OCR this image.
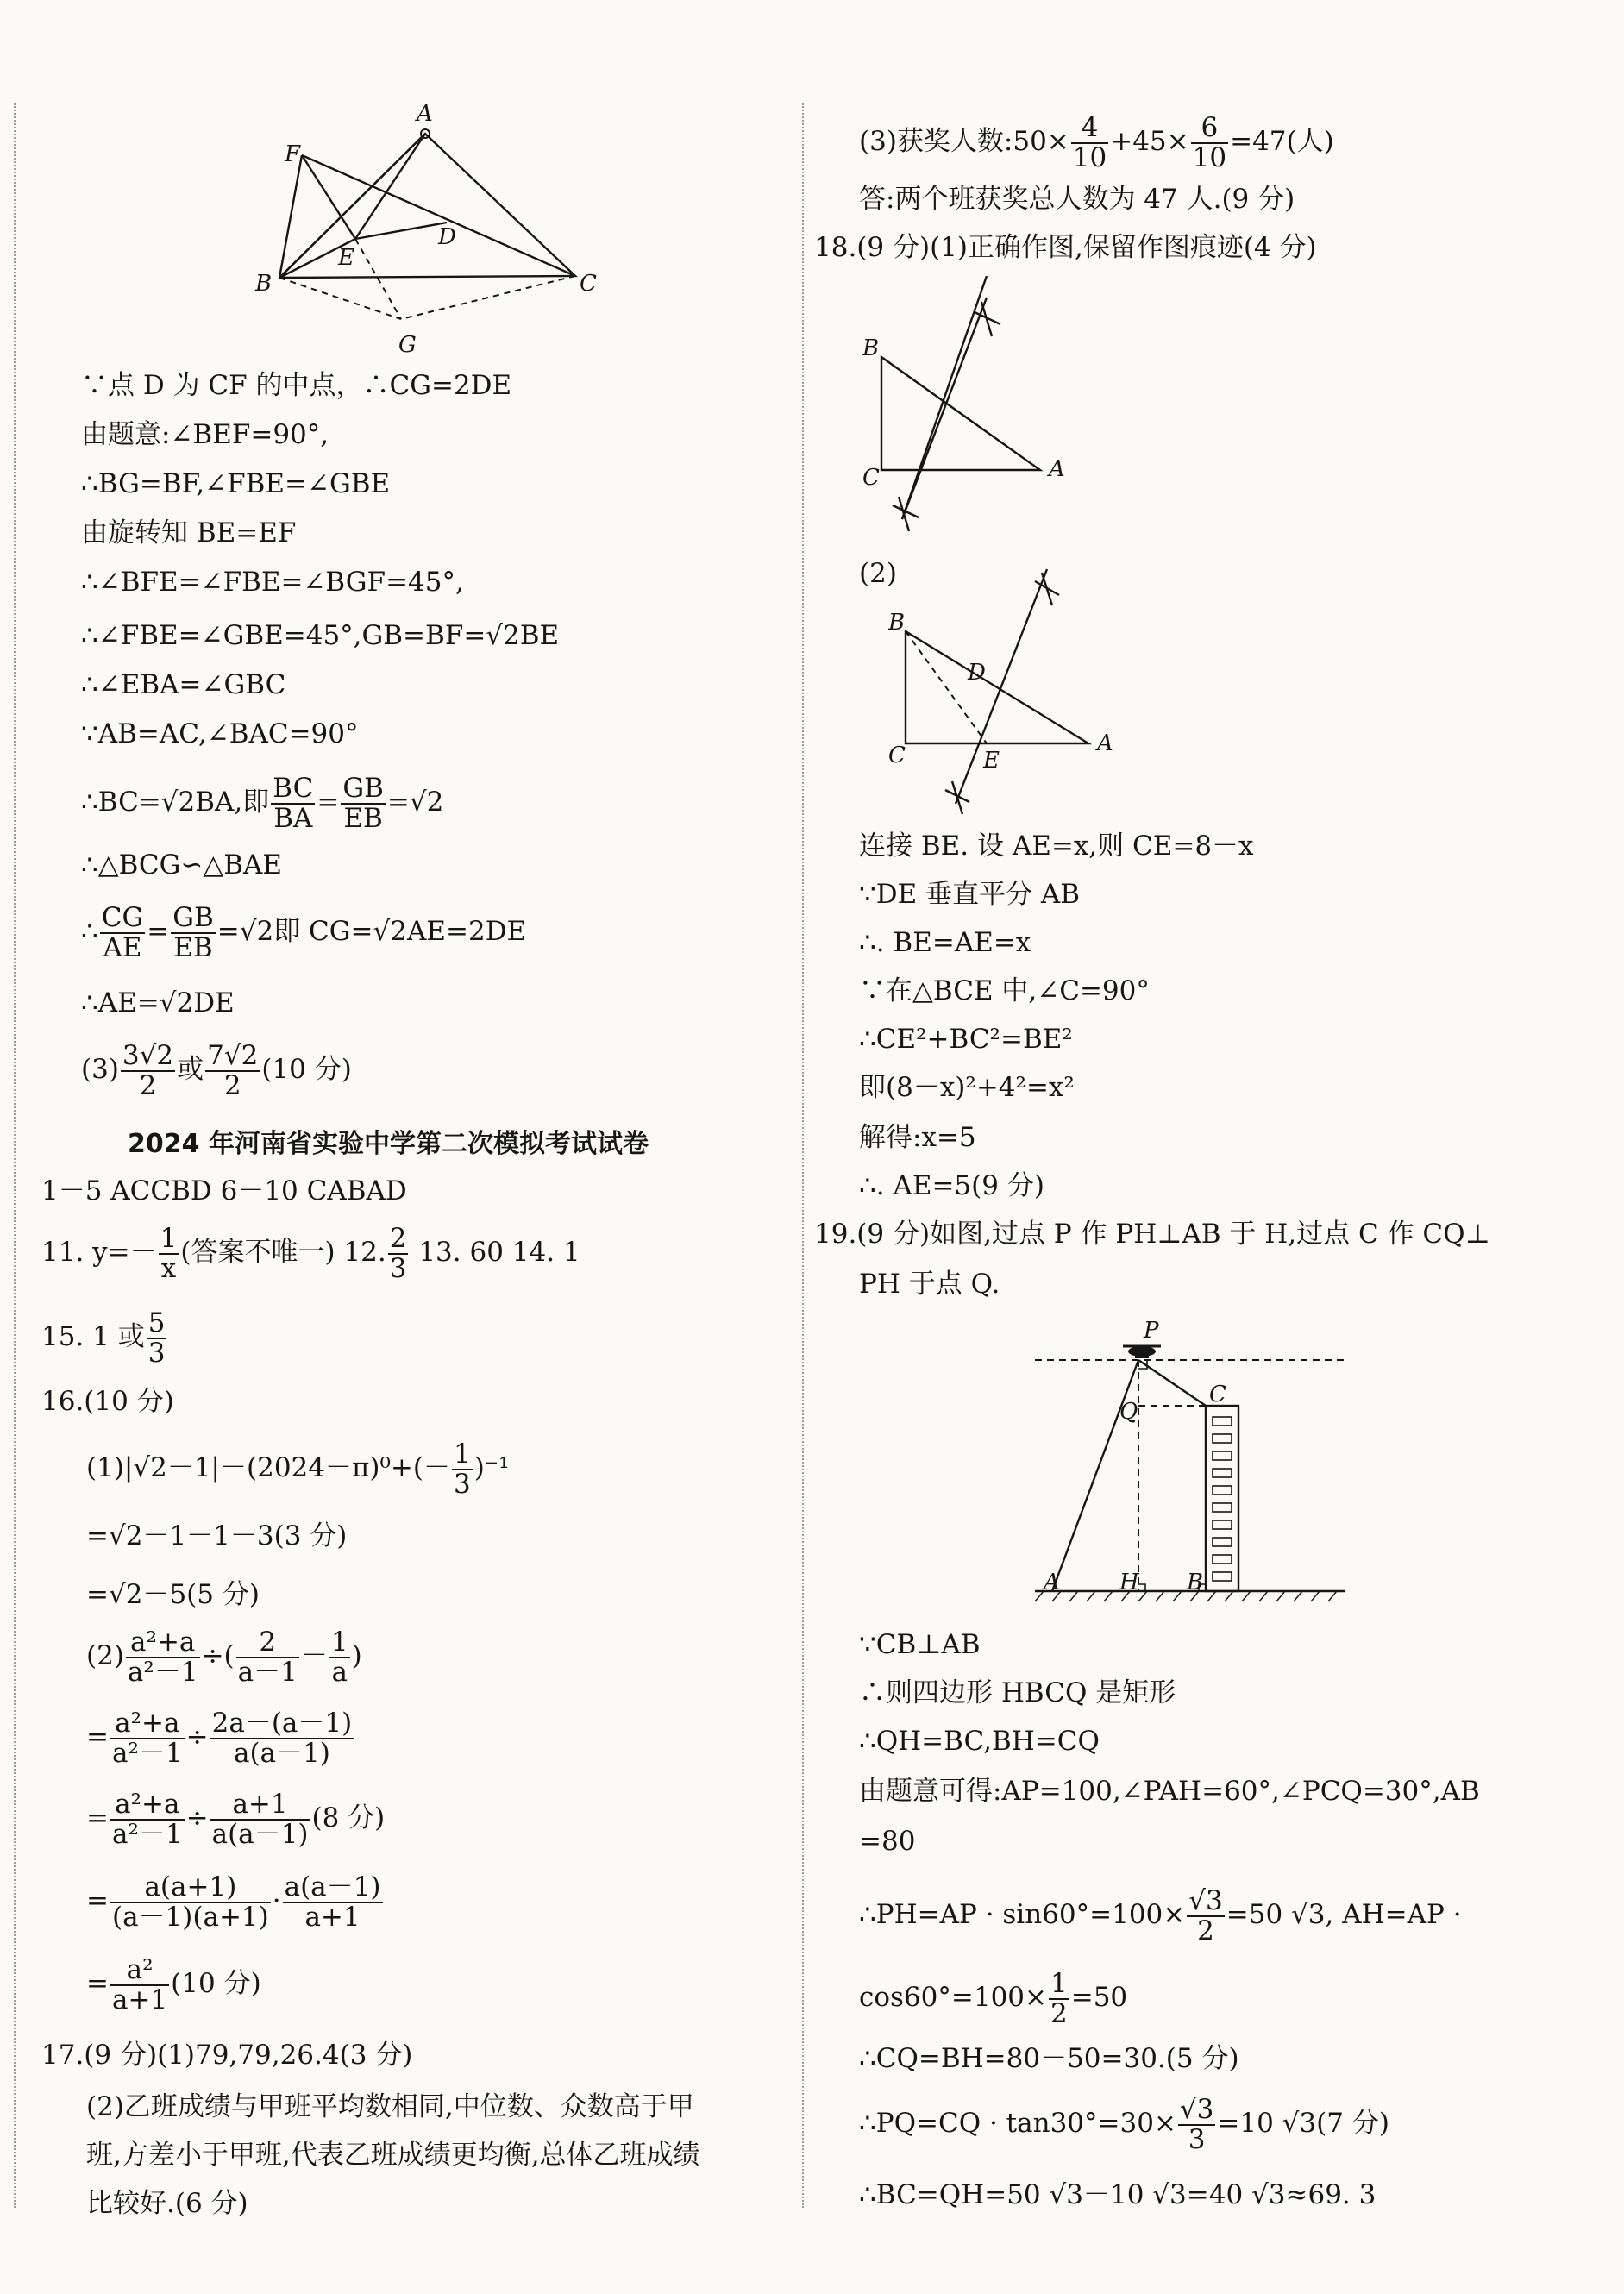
A
F
D
E
B	C
G
∵点 D 为 CF 的中点，∴CG=2DE
由题意:∠BEF=90°,
∴BG=BF,∠FBE=∠GBE
由旋转知 BE=EF
∴∠BFE=∠FBE=∠BGF=45°,
∴∠FBE=∠GBE=45°,GB=BF=√2BE
∴∠EBA=∠GBC
∵AB=AC,∠BAC=90°
∴BC=√2BA,即 $\frac{BC}{BA} = \frac{GB}{EB} =√2$
∴△BCG∽△BAE
∴ $\frac{CG}{AE} = \frac{GB}{EB} =√2$即 CG=√2AE=2DE
∴AE=√2DE
$(3) \frac{3√2}{2}$ 或 $\frac{7√2}{2} (10$ 分)
2024 年河南省实验中学第二次模拟考试试卷
1－5 ACCBD 6－10 CABAD
11. $y=- \frac{1}{x}$ (答案不唯一) 12. $\frac{2}{3} 13$. 60 14. 1
15. 1 或 $\frac{5}{3}$
16.(10 分)
$(1)|√2-1|-(2024-\pi)^0+(- \frac{1}{3} )^{-1}$
=√2－1－1－3(3 分)
=√2－5(5 分)
$(2) \frac{\text{a²+a}}{\text{a²－1}}$ ÷( $\frac{2}{a-1} - \frac{1}{a}$ )
= $\frac{\text{a²+a}}{\text{a²－1}} \div \frac{2a-(a-1)}{a(a-1)}$
= $\frac{\text{a²+a}}{\text{a²－1}} \div \frac{a+1}{a(a-1)} (8$ 分)
= $\frac{a(a+1)}{(a-1)(a+1)} \cdot \frac{a(a-1)}{a+1}$
= $\frac{\text{a²}}{a+1} (10$ 分)
17.(9 分)(1)79,79,26.4(3 分)
(2)乙班成绩与甲班平均数相同,中位数、众数高于甲
班,方差小于甲班,代表乙班成绩更均衡,总体乙班成绩
比较好.(6 分)
(3)获奖人数:50× $\frac{4}{10} +45\times \frac{6}{10} =47$(人)
答:两个班获奖总人数为 47 人.(9 分)
18.(9 分)(1)正确作图,保留作图痕迹(4 分)
B
C	A
(2)
B
D
C	E
A
连接 BE. 设 AE=x,则 CE=8－x
∵DE 垂直平分 AB
∴. BE=AE=x
∵在△BCE 中,∠C=90°
∴CE²+BC²=BE²
即(8－x)²+4²=x²
解得:x=5
∴. AE=5(9 分)
19.(9 分)如图,过点 P 作 PH⊥AB 于 H,过点 C 作 CQ⊥
PH 于点 Q.
P
C
Q
A	H B
∵CB⊥AB
∴则四边形 HBCQ 是矩形
∴QH=BC,BH=CQ
由题意可得:AP=100,∠PAH=60°,∠PCQ=30°,AB
=80
∴PH=AP · $\sin 60^\circ=100\times \frac{√3}{2} =50$ √3, AH=AP ·
$\cos 60^\circ=100\times \frac{1}{2} =50$
∴CQ=BH=80－50=30.(5 分)
∴PQ=CQ · $\tan 30^\circ=30\times \frac{√3}{3} =10$ √3(7 分)
∴BC=QH=50 √3－10 √3=40 √3≈69. 3
